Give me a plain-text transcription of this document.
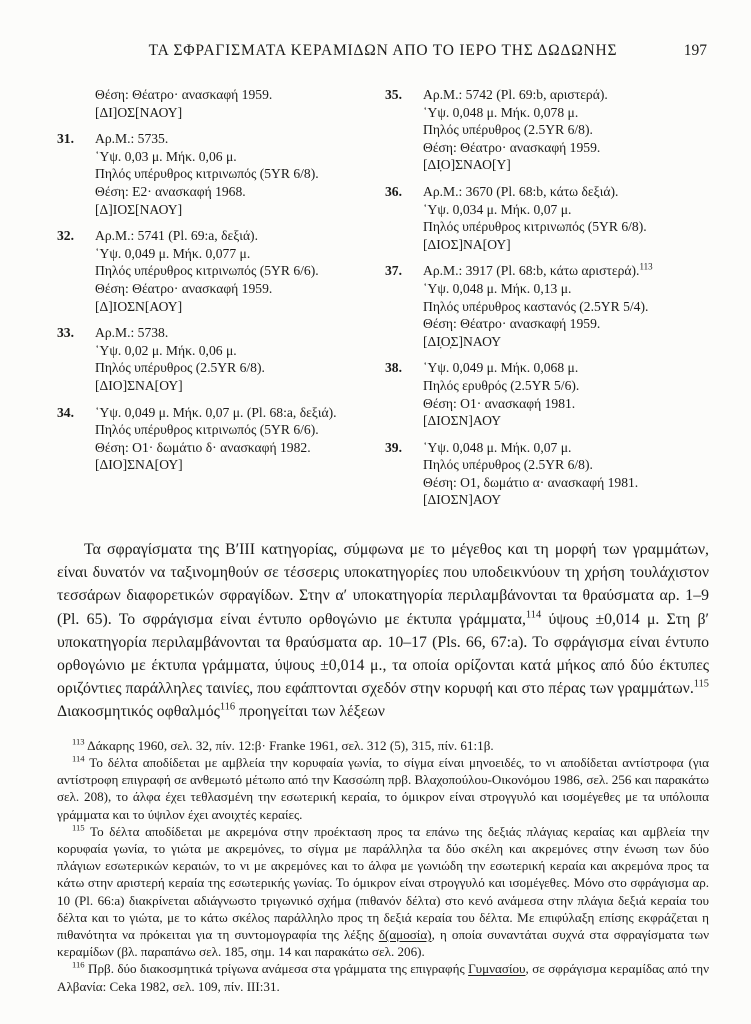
ΤΑ ΣΦΡΑΓΙΣΜΑΤΑ ΚΕΡΑΜΙΔΩΝ ΑΠΟ ΤΟ ΙΕΡΟ ΤΗΣ ΔΩΔΩΝΗΣ	197
Θέση: Θέατρο· ανασκαφή 1959.
[ΔΙ]ΟΣ[ΝΑΟΥ]
31.	Αρ.Μ.: 5735.
῾Υψ. 0,03 μ. Μήκ. 0,06 μ.
Πηλός υπέρυθρος κιτρινωπός (5YR 6/8).
Θέση: Ε2· ανασκαφή 1968.
[Δ]ΙΟΣ[ΝΑΟΥ]
32.	Αρ.Μ.: 5741 (Pl. 69:a, δεξιά).
῾Υψ. 0,049 μ. Μήκ. 0,077 μ.
Πηλός υπέρυθρος κιτρινωπός (5YR 6/6).
Θέση: Θέατρο· ανασκαφή 1959.
[Δ]ΙΟΣΝ[ΑΟΥ]
33.	Αρ.Μ.: 5738.
῾Υψ. 0,02 μ. Μήκ. 0,06 μ.
Πηλός υπέρυθρος (2.5YR 6/8).
[ΔΙΟ]ΣΝΑ[ΟΥ]
34.	῾Υψ. 0,049 μ. Μήκ. 0,07 μ. (Pl. 68:a, δεξιά).
Πηλός υπέρυθρος κιτρινωπός (5YR 6/6).
Θέση: Ο1· δωμάτιο δ· ανασκαφή 1982.
[ΔΙΟ]ΣΝΑ[ΟΥ]
35.	Αρ.Μ.: 5742 (Pl. 69:b, αριστερά).
῾Υψ. 0,048 μ. Μήκ. 0,078 μ.
Πηλός υπέρυθρος (2.5YR 6/8).
Θέση: Θέατρο· ανασκαφή 1959.
[ΔΙ̣Ο]ΣΝΑΟ[Υ]
36.	Αρ.Μ.: 3670 (Pl. 68:b, κάτω δεξιά).
῾Υψ. 0,034 μ. Μήκ. 0,07 μ.
Πηλός υπέρυθρος κιτρινωπός (5YR 6/8).
[ΔΙΟΣ]ΝΑ[ΟΥ]
37.	Αρ.Μ.: 3917 (Pl. 68:b, κάτω αριστερά).$^{113}$
῾Υψ. 0,048 μ. Μήκ. 0,13 μ.
Πηλός υπέρυθρος καστανός (2.5YR 5/4).
Θέση: Θέατρο· ανασκαφή 1959.
[ΔΙ̣Ο̣Σ]ΝΑΟΥ
38.	῾Υψ. 0,049 μ. Μήκ. 0,068 μ.
Πηλός ερυθρός (2.5YR 5/6).
Θέση: Ο1· ανασκαφή 1981.
[ΔΙΟΣΝ]ΑΟΥ
39.	῾Υψ. 0,048 μ. Μήκ. 0,07 μ.
Πηλός υπέρυθρος (2.5YR 6/8).
Θέση: Ο1, δωμάτιο α· ανασκαφή 1981.
[ΔΙΟΣΝ]ΑΟΥ
Τα σφραγίσματα της Β′ΙΙΙ κατηγορίας, σύμφωνα με το μέγεθος και τη μορφή των γραμμάτων, είναι δυνατόν να ταξινομηθούν σε τέσσερις υποκατηγορίες που υποδεικνύουν τη χρήση τουλάχιστον τεσσάρων διαφορετικών σφραγίδων. Στην α′ υποκατηγορία περιλαμβάνονται τα θραύσματα αρ. 1–9 (Pl. 65). Το σφράγισμα είναι έντυπο ορθογώνιο με έκτυπα γράμματα,$^{114}$ ύψους ±0,014 μ. Στη β′ υποκατηγορία περιλαμβάνονται τα θραύσματα αρ. 10–17 (Pls. 66, 67:a). Το σφράγισμα είναι έντυπο ορθογώνιο με έκτυπα γράμματα, ύψους ±0,014 μ., τα οποία ορίζονται κατά μήκος από δύο έκτυπες οριζόντιες παράλληλες ταινίες, που εφάπτονται σχεδόν στην κορυφή και στο πέρας των γραμμάτων.$^{115}$ Διακοσμητικός οφθαλμός$^{116}$ προηγείται των λέξεων

$^{113}$ Δάκαρης 1960, σελ. 32, πίν. 12:β· Franke 1961, σελ. 312 (5), 315, πίν. 61:1β.

$^{114}$ Το δέλτα αποδίδεται με αμβλεία την κορυφαία γωνία, το σίγμα είναι μηνοειδές, το νι αποδίδεται αντίστροφα (για αντίστροφη επιγραφή σε ανθεμωτό μέτωπο από την Κασσώπη πρβ. Βλαχοπούλου-Οικονόμου 1986, σελ. 256 και παρακάτω σελ. 208), το άλφα έχει τεθλασμένη την εσωτερική κεραία, το όμικρον είναι στρογγυλό και ισομέγεθες με τα υπόλοιπα γράμματα και το ύψιλον έχει ανοιχτές κεραίες.

$^{115}$ Το δέλτα αποδίδεται με ακρεμόνα στην προέκταση προς τα επάνω της δεξιάς πλάγιας κεραίας και αμβλεία την κορυφαία γωνία, το γιώτα με ακρεμόνες, το σίγμα με παράλληλα τα δύο σκέλη και ακρεμόνες στην ένωση των δύο πλάγιων εσωτερικών κεραιών, το νι με ακρεμόνες και το άλφα με γωνιώδη την εσωτερική κεραία και ακρεμόνα προς τα κάτω στην αριστερή κεραία της εσωτερικής γωνίας. Το όμικρον είναι στρογγυλό και ισομέγεθες. Μόνο στο σφράγισμα αρ. 10 (Pl. 66:a) διακρίνεται αδιάγνωστο τριγωνικό σχήμα (πιθανόν δέλτα) στο κενό ανάμεσα στην πλάγια δεξιά κεραία του δέλτα και το γιώτα, με το κάτω σκέλος παράλληλο προς τη δεξιά κεραία του δέλτα. Με επιφύλαξη επίσης εκφράζεται η πιθανότητα να πρόκειται για τη συντομογραφία της λέξης δ(αμοσία), η οποία συναντάται συχνά στα σφραγίσματα των κεραμίδων (βλ. παραπάνω σελ. 185, σημ. 14 και παρακάτω σελ. 206).

$^{116}$ Πρβ. δύο διακοσμητικά τρίγωνα ανάμεσα στα γράμματα της επιγραφής Γυμνασίου, σε σφράγισμα κεραμίδας από την Αλβανία: Ceka 1982, σελ. 109, πίν. III:31.
